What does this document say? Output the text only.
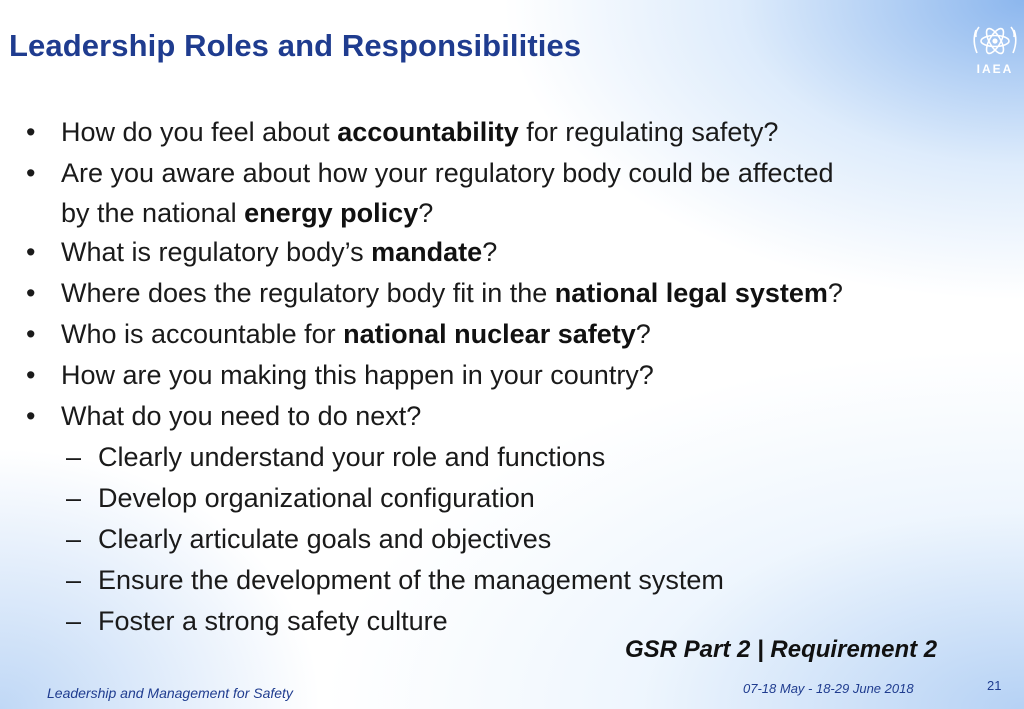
Leadership Roles and Responsibilities
IAEA
• How do you feel about accountability for regulating safety?
• Are you aware about how your regulatory body could be affected
by the national energy policy?
• What is regulatory body’s mandate?
• Where does the regulatory body fit in the national legal system?
• Who is accountable for national nuclear safety?
• How are you making this happen in your country?
• What do you need to do next?
– Clearly understand your role and functions
– Develop organizational configuration
– Clearly articulate goals and objectives
– Ensure the development of the management system
– Foster a strong safety culture
GSR Part 2 | Requirement 2
Leadership and Management for Safety	07-18 May - 18-29 June 2018	21
